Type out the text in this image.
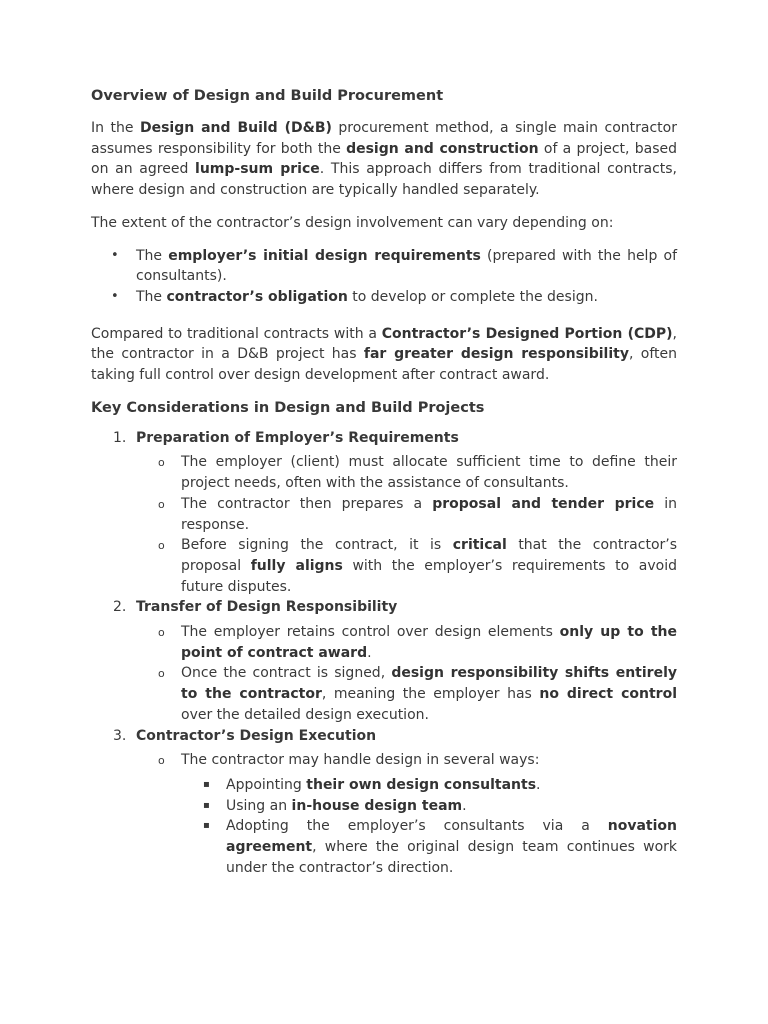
Overview of Design and Build Procurement

In the Design and Build (D&B) procurement method, a single main contractor assumes responsibility for both the design and construction of a project, based on an agreed lump-sum price. This approach differs from traditional contracts, where design and construction are typically handled separately.

The extent of the contractor’s design involvement can vary depending on:

• The employer’s initial design requirements (prepared with the help of consultants).
• The contractor’s obligation to develop or complete the design.

Compared to traditional contracts with a Contractor’s Designed Portion (CDP), the contractor in a D&B project has far greater design responsibility, often taking full control over design development after contract award.

Key Considerations in Design and Build Projects
1. Preparation of Employer’s Requirements
o The employer (client) must allocate sufficient time to define their project needs, often with the assistance of consultants.
o The contractor then prepares a proposal and tender price in response.
o Before signing the contract, it is critical that the contractor’s proposal fully aligns with the employer’s requirements to avoid future disputes.
2. Transfer of Design Responsibility
o The employer retains control over design elements only up to the point of contract award.
o Once the contract is signed, design responsibility shifts entirely to the contractor, meaning the employer has no direct control over the detailed design execution.
3. Contractor’s Design Execution
o The contractor may handle design in several ways:
▪ Appointing their own design consultants.
▪ Using an in-house design team.
▪ Adopting the employer’s consultants via a novation agreement, where the original design team continues work under the contractor’s direction.
